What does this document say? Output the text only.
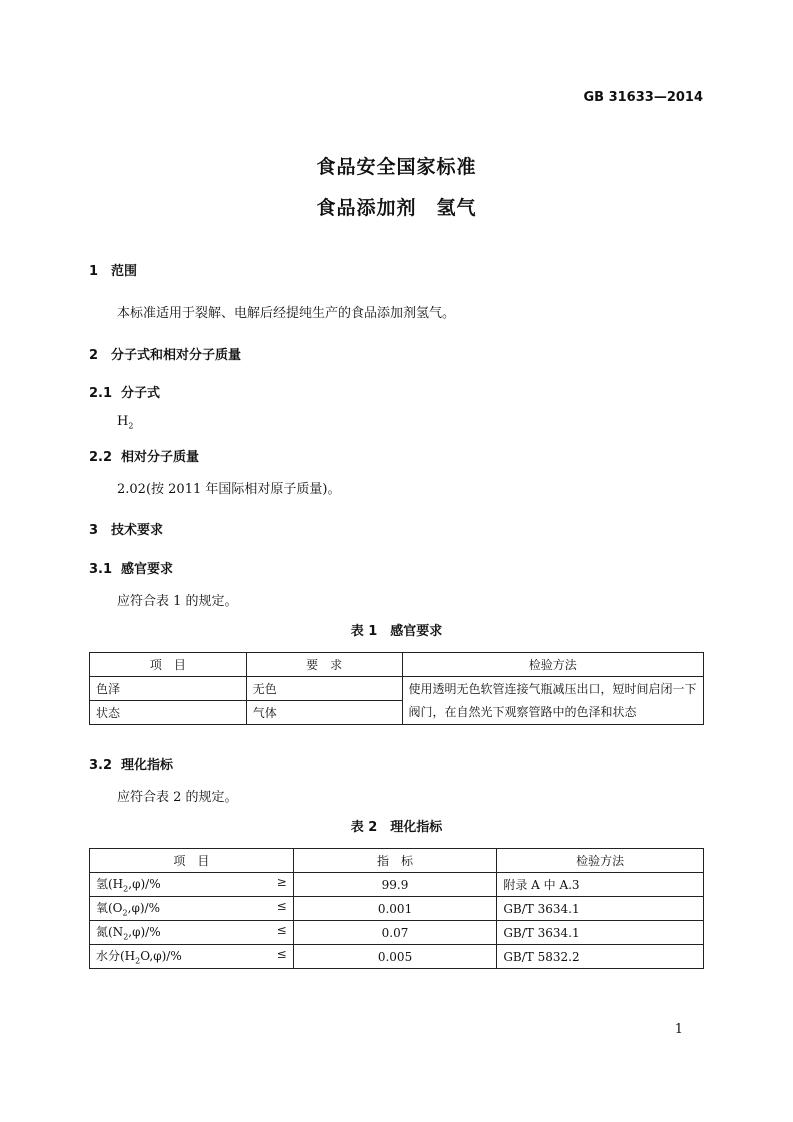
GB 31633—2014
食品安全国家标准
食品添加剂　氢气
1 范围
本标准适用于裂解、电解后经提纯生产的食品添加剂氢气。
2 分子式和相对分子质量
2.1 分子式
$H_2$
2.2 相对分子质量
2.02(按 2011 年国际相对原子质量)。
3 技术要求
3.1 感官要求
应符合表 1 的规定。
表 1　感官要求
项　目	要　求	检验方法
色泽	无色	使用透明无色软管连接气瓶减压出口，短时间启闭一下阀门，在自然光下观察管路中的色泽和状态
状态	气体	
3.2 理化指标
应符合表 2 的规定。
表 2　理化指标
项　目	指　标	检验方法
氢$(H_2,\varphi)/\%$ ≥	99.9	附录 A 中 A.3
氧$(O_2,\varphi)/\%$ ≤	0.001	GB/T 3634.1
氮$(N_2,\varphi)/\%$ ≤	0.07	GB/T 3634.1
水分$(H_2O,\varphi)/\%$ ≤	0.005	GB/T 5832.2
1
